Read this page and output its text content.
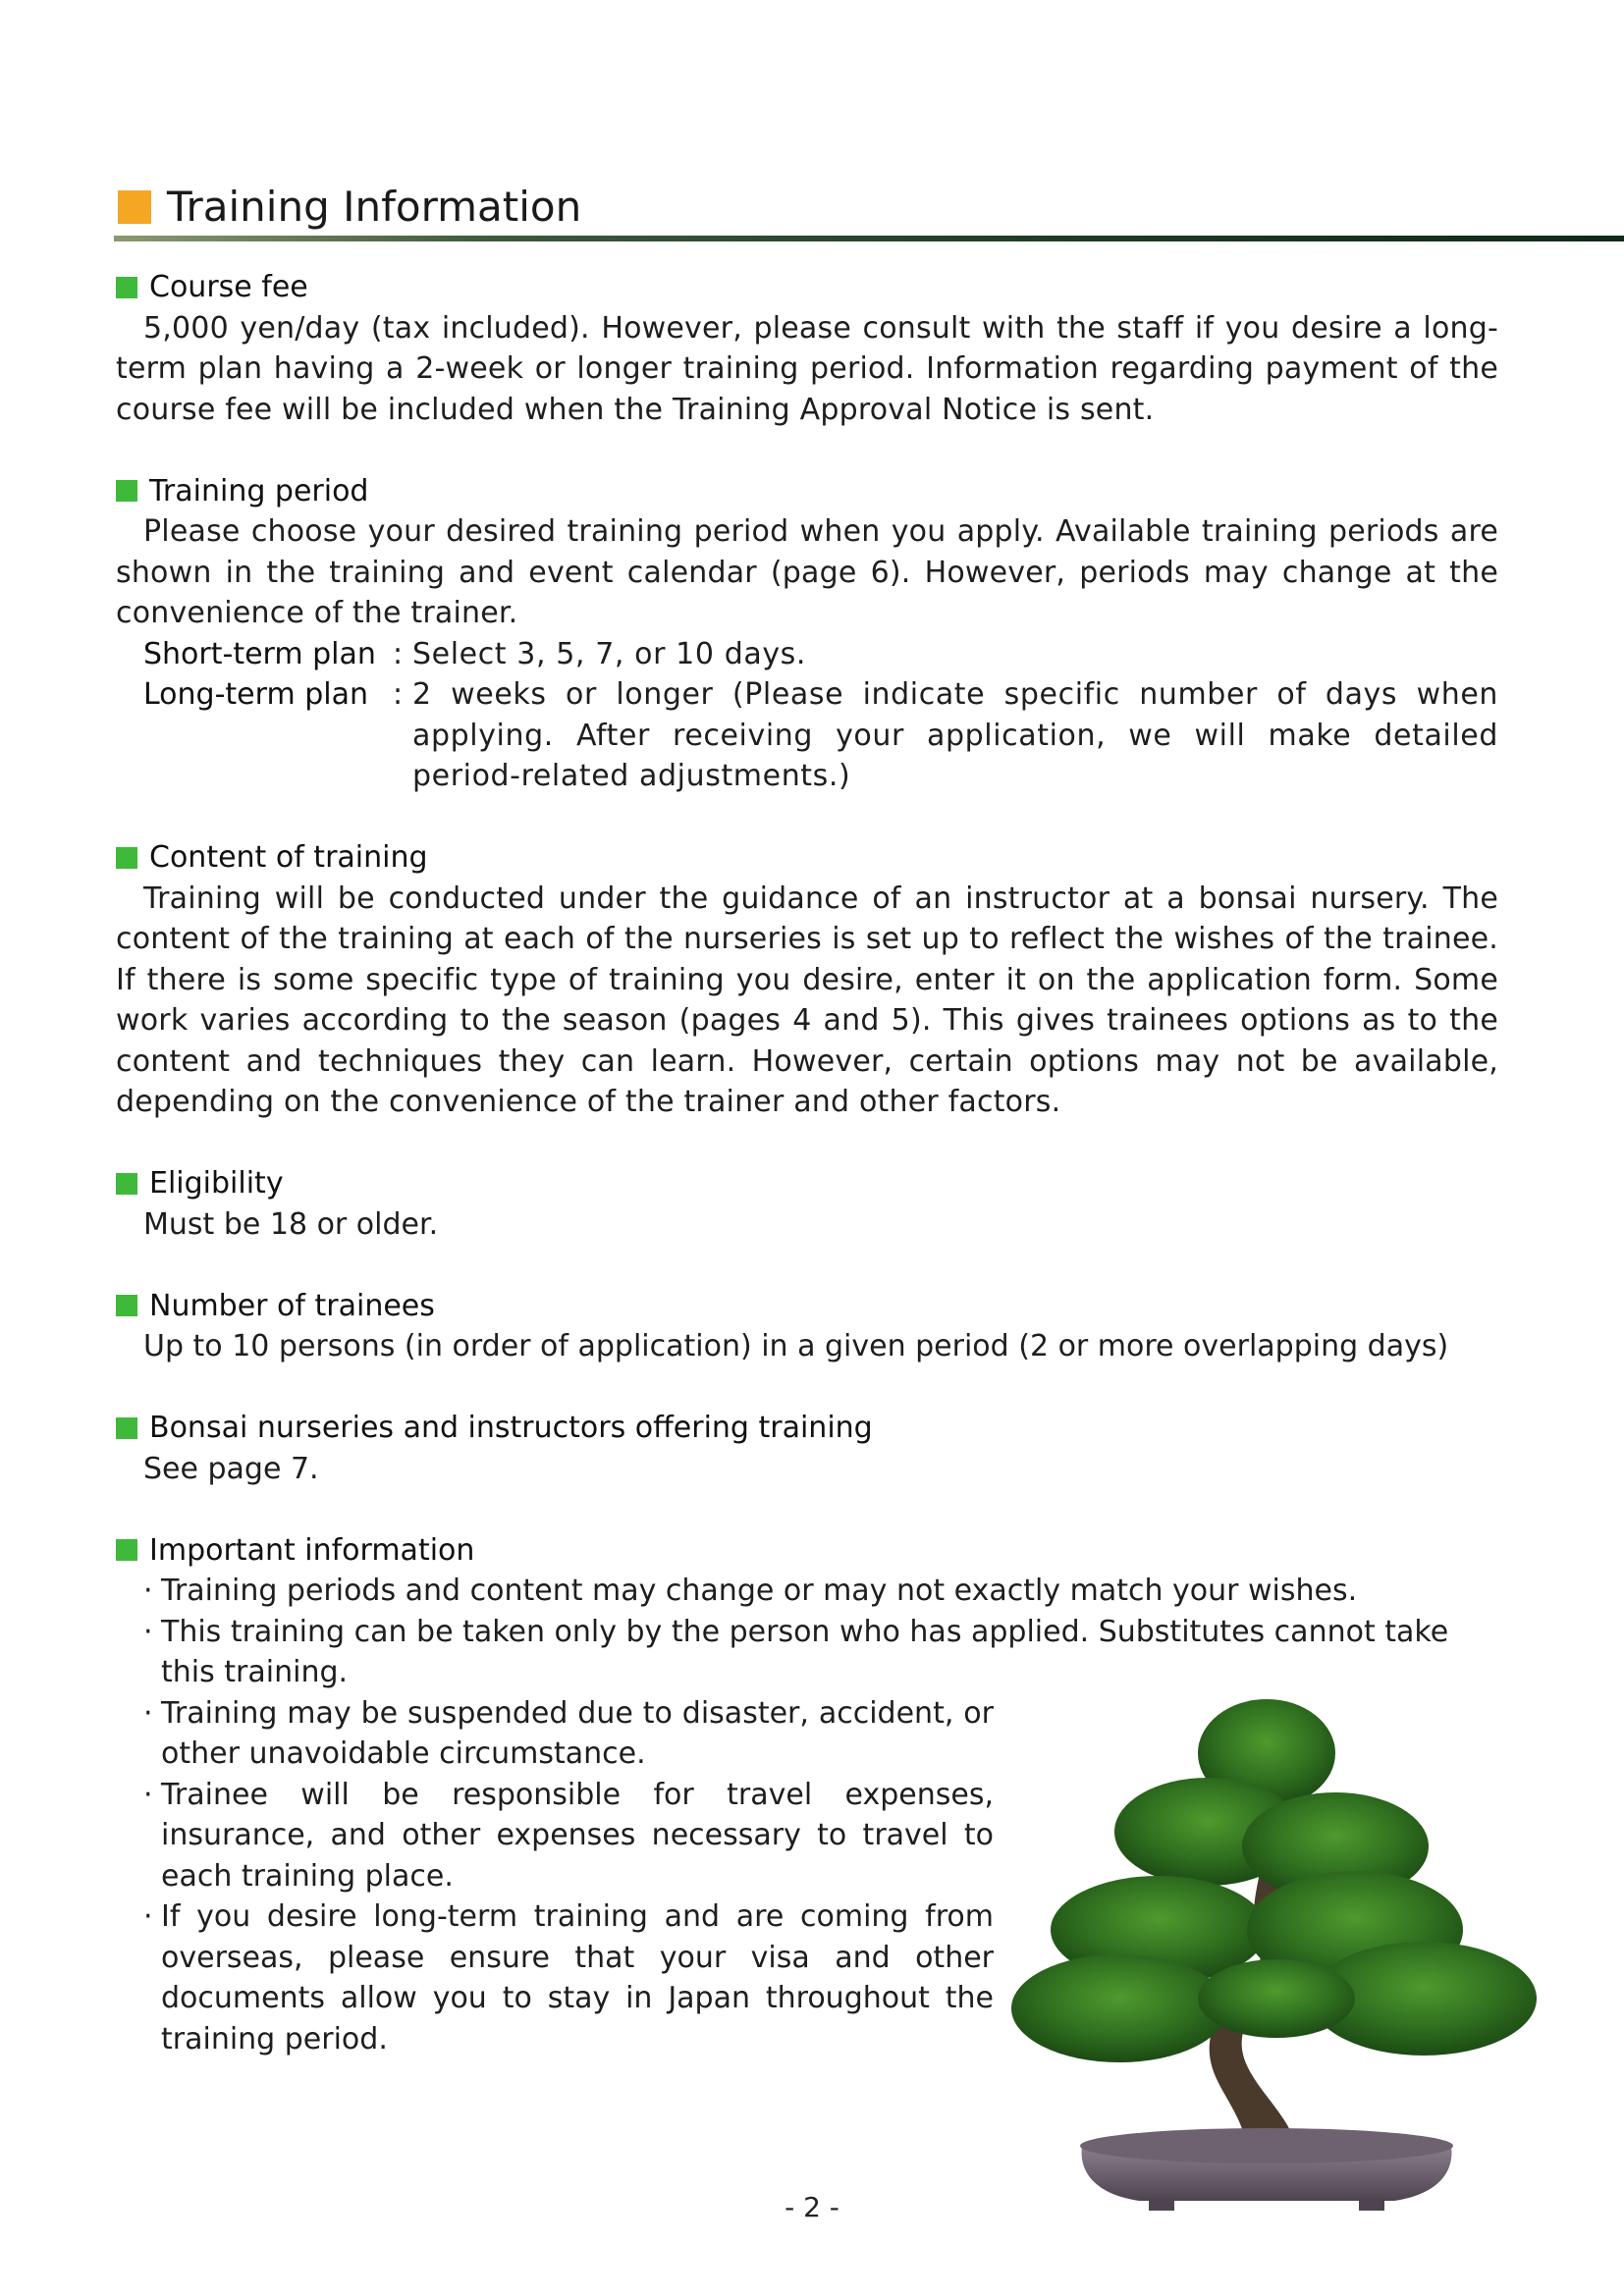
Training Information
Course fee
5,000 yen/day (tax included). However, please consult with the staff if you desire a long-term plan having a 2-week or longer training period. Information regarding payment of the course fee will be included when the Training Approval Notice is sent.
Training period
Please choose your desired training period when you apply. Available training periods are shown in the training and event calendar (page 6). However, periods may change at the convenience of the trainer.
Short-term plan : Select 3, 5, 7, or 10 days.
Long-term plan : 2 weeks or longer (Please indicate specific number of days when applying. After receiving your application, we will make detailed period-related adjustments.)
Content of training
Training will be conducted under the guidance of an instructor at a bonsai nursery. The content of the training at each of the nurseries is set up to reflect the wishes of the trainee. If there is some specific type of training you desire, enter it on the application form. Some work varies according to the season (pages 4 and 5). This gives trainees options as to the content and techniques they can learn. However, certain options may not be available, depending on the convenience of the trainer and other factors.
Eligibility
Must be 18 or older.
Number of trainees
Up to 10 persons (in order of application) in a given period (2 or more overlapping days)
Bonsai nurseries and instructors offering training
See page 7.
Important information
· Training periods and content may change or may not exactly match your wishes.
· This training can be taken only by the person who has applied. Substitutes cannot take this training.
· Training may be suspended due to disaster, accident, or other unavoidable circumstance.
· Trainee will be responsible for travel expenses, insurance, and other expenses necessary to travel to each training place.
· If you desire long-term training and are coming from overseas, please ensure that your visa and other documents allow you to stay in Japan throughout the training period.
- 2 -
